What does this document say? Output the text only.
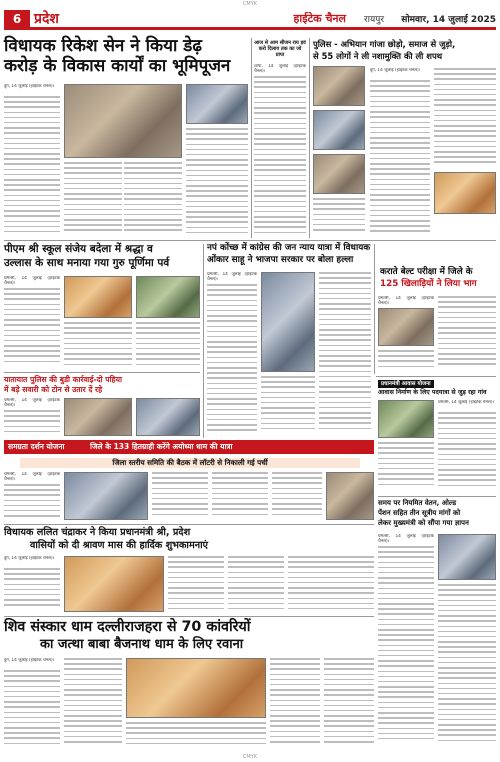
CMYK
6 प्रदेश	हाईटेक चैनल रायपुर सोमवार, 14 जुलाई 2025
विधायक रिकेश सेन ने किया डेढ़
करोड़ के विकास कार्यों का भूमिपूजन
दुर्ग, 14 जुलाई (हाईटेक चैनल)।
आज से आम सीजन राय इवं करो दिलाय तक का जो प्राप्त
चांपा, 14 जुलाई (हाईटेक चैनल)।
पुलिस - अभियान गांजा छोड़ो, समाज से जुड़ो,
से 55 लोगों ने ली नशामुक्ति की ली शपथ
दुर्ग, 14 जुलाई (हाईटेक चैनल)।
पीएम श्री स्कूल संजेय बदेला में श्रद्धा व
उल्लास के साथ मनाया गया गुरु पूर्णिमा पर्व
धमतरी, 14 जुलाई (हाईटेक चैनल)।
नपं कोंच्छ में कांग्रेस की जन न्याय यात्रा में विधायक
ओंकार साहू ने भाजपा सरकार पर बोला हल्ला
धमतरी, 14 जुलाई (हाईटेक चैनल)।
कराते बेल्ट परीक्षा में जिले के
125 खिलाड़ियों ने लिया भाग
धमतरी, 14 जुलाई (हाईटेक चैनल)।
यातायात पुलिस की बुडी कार्रवाई-दो पहिया
में बड़े सवारी को टोन से उतार दें रहे
धमतरी, 14 जुलाई (हाईटेक चैनल)।
प्रधानमंत्री आवास योजना
आवास निर्माण के लिए पदयात्रा से जुड़ रहा गांव
धमतरी, 14 जुलाई (हाईटेक चैनल)।
समग्रता दर्शन योजना	जिले के 133 हितग्राही करेंगे अयोध्या धाम की यात्रा
जिला स्तरीय समिति की बैठक में लॉटरी से निकाली गई पर्ची
धमतरी, 14 जुलाई (हाईटेक चैनल)।
विधायक ललित चंद्राकर ने किया प्रधानमंत्री श्री, प्रदेश
वासियों को दी श्रावण मास की हार्दिक शुभकामनाएं
दुर्ग, 14 जुलाई (हाईटेक चैनल)।
समय पर नियमित वेतन, ओल्ड
पेंशन सहित तीन सूत्रीय मांगों को
लेकर मुख्यमंत्री को सौंपा गया ज्ञापन
धमतरी, 14 जुलाई (हाईटेक चैनल)।
शिव संस्कार धाम दल्लीराजहरा से 70 कांवरियों
का जत्था बाबा बैजनाथ धाम के लिए रवाना
दुर्ग, 14 जुलाई (हाईटेक चैनल)।
CMYK
